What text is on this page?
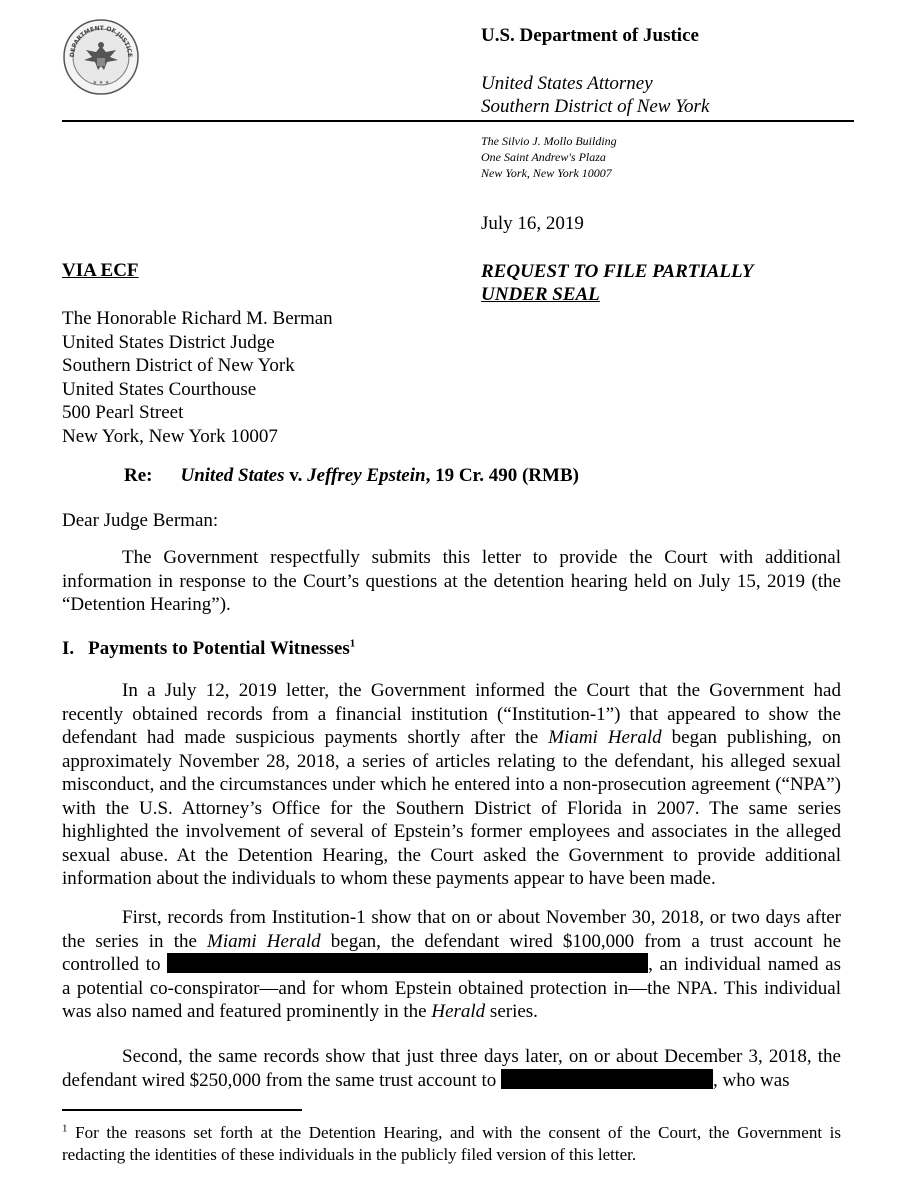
DEPARTMENT OF JUSTICE
★ ★ ★
U.S. Department of Justice
United States Attorney
Southern District of New York
The Silvio J. Mollo Building
One Saint Andrew's Plaza
New York, New York 10007
July 16, 2019
VIA ECF	REQUEST TO FILE PARTIALLY
UNDER SEAL
The Honorable Richard M. Berman
United States District Judge
Southern District of New York
United States Courthouse
500 Pearl Street
New York, New York 10007
Re: United States v. Jeffrey Epstein, 19 Cr. 490 (RMB)
Dear Judge Berman:

The Government respectfully submits this letter to provide the Court with additional information in response to the Court’s questions at the detention hearing held on July 15, 2019 (the “Detention Hearing”).

I. Payments to Potential Witnesses$^1$

In a July 12, 2019 letter, the Government informed the Court that the Government had recently obtained records from a financial institution (“Institution-1”) that appeared to show the defendant had made suspicious payments shortly after the Miami Herald began publishing, on approximately November 28, 2018, a series of articles relating to the defendant, his alleged sexual misconduct, and the circumstances under which he entered into a non-prosecution agreement (“NPA”) with the U.S. Attorney’s Office for the Southern District of Florida in 2007. The same series highlighted the involvement of several of Epstein’s former employees and associates in the alleged sexual abuse. At the Detention Hearing, the Court asked the Government to provide additional information about the individuals to whom these payments appear to have been made.

First, records from Institution-1 show that on or about November 30, 2018, or two days after the series in the Miami Herald began, the defendant wired $100,000 from a trust account he controlled to	, an individual named as a potential co-conspirator—and for whom Epstein obtained protection in—the NPA. This individual was also named and featured prominently in the Herald series.

Second, the same records show that just three days later, on or about December 3, 2018, the defendant wired $250,000 from the same trust account to	, who was

$^1$ For the reasons set forth at the Detention Hearing, and with the consent of the Court, the Government is redacting the identities of these individuals in the publicly filed version of this letter.
